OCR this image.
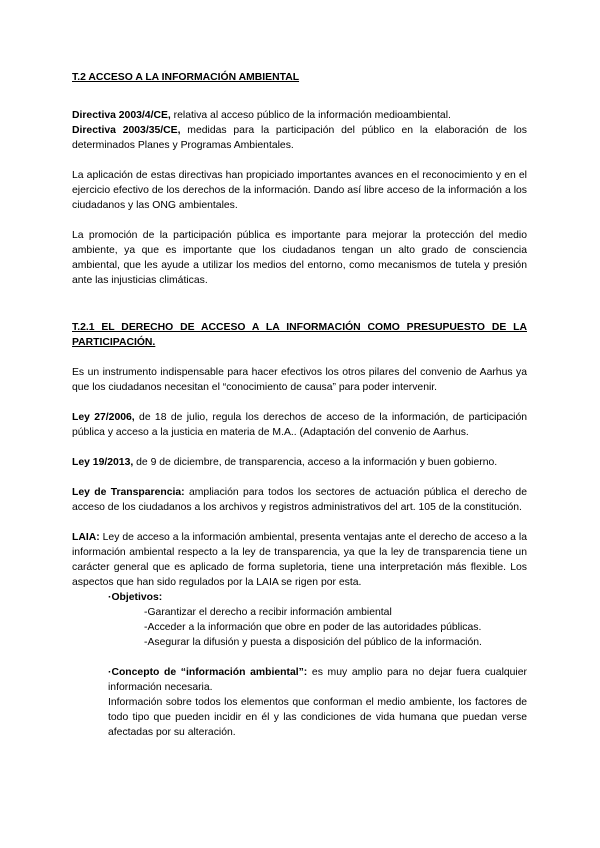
T.2 ACCESO A LA INFORMACIÓN AMBIENTAL

Directiva 2003/4/CE, relativa al acceso público de la información medioambiental.

Directiva 2003/35/CE, medidas para la participación del público en la elaboración de los determinados Planes y Programas Ambientales.

La aplicación de estas directivas han propiciado importantes avances en el reconocimiento y en el ejercicio efectivo de los derechos de la información. Dando así libre acceso de la información a los ciudadanos y las ONG ambientales.

La promoción de la participación pública es importante para mejorar la protección del medio ambiente, ya que es importante que los ciudadanos tengan un alto grado de consciencia ambiental, que les ayude a utilizar los medios del entorno, como mecanismos de tutela y presión ante las injusticias climáticas.

T.2.1 EL DERECHO DE ACCESO A LA INFORMACIÓN COMO PRESUPUESTO DE LA PARTICIPACIÓN.

Es un instrumento indispensable para hacer efectivos los otros pilares del convenio de Aarhus ya que los ciudadanos necesitan el “conocimiento de causa” para poder intervenir.

Ley 27/2006, de 18 de julio, regula los derechos de acceso de la información, de participación pública y acceso a la justicia en materia de M.A.. (Adaptación del convenio de Aarhus.

Ley 19/2013, de 9 de diciembre, de transparencia, acceso a la información y buen gobierno.

Ley de Transparencia: ampliación para todos los sectores de actuación pública el derecho de acceso de los ciudadanos a los archivos y registros administrativos del art. 105 de la constitución.

LAIA: Ley de acceso a la información ambiental, presenta ventajas ante el derecho de acceso a la información ambiental respecto a la ley de transparencia, ya que la ley de transparencia tiene un carácter general que es aplicado de forma supletoria, tiene una interpretación más flexible. Los aspectos que han sido regulados por la LAIA se rigen por esta.

·Objetivos:

-Garantizar el derecho a recibir información ambiental

-Acceder a la información que obre en poder de las autoridades públicas.

-Asegurar la difusión y puesta a disposición del público de la información.

·Concepto de “información ambiental”: es muy amplio para no dejar fuera cualquier información necesaria.

Información sobre todos los elementos que conforman el medio ambiente, los factores de todo tipo que pueden incidir en él y las condiciones de vida humana que puedan verse afectadas por su alteración.
